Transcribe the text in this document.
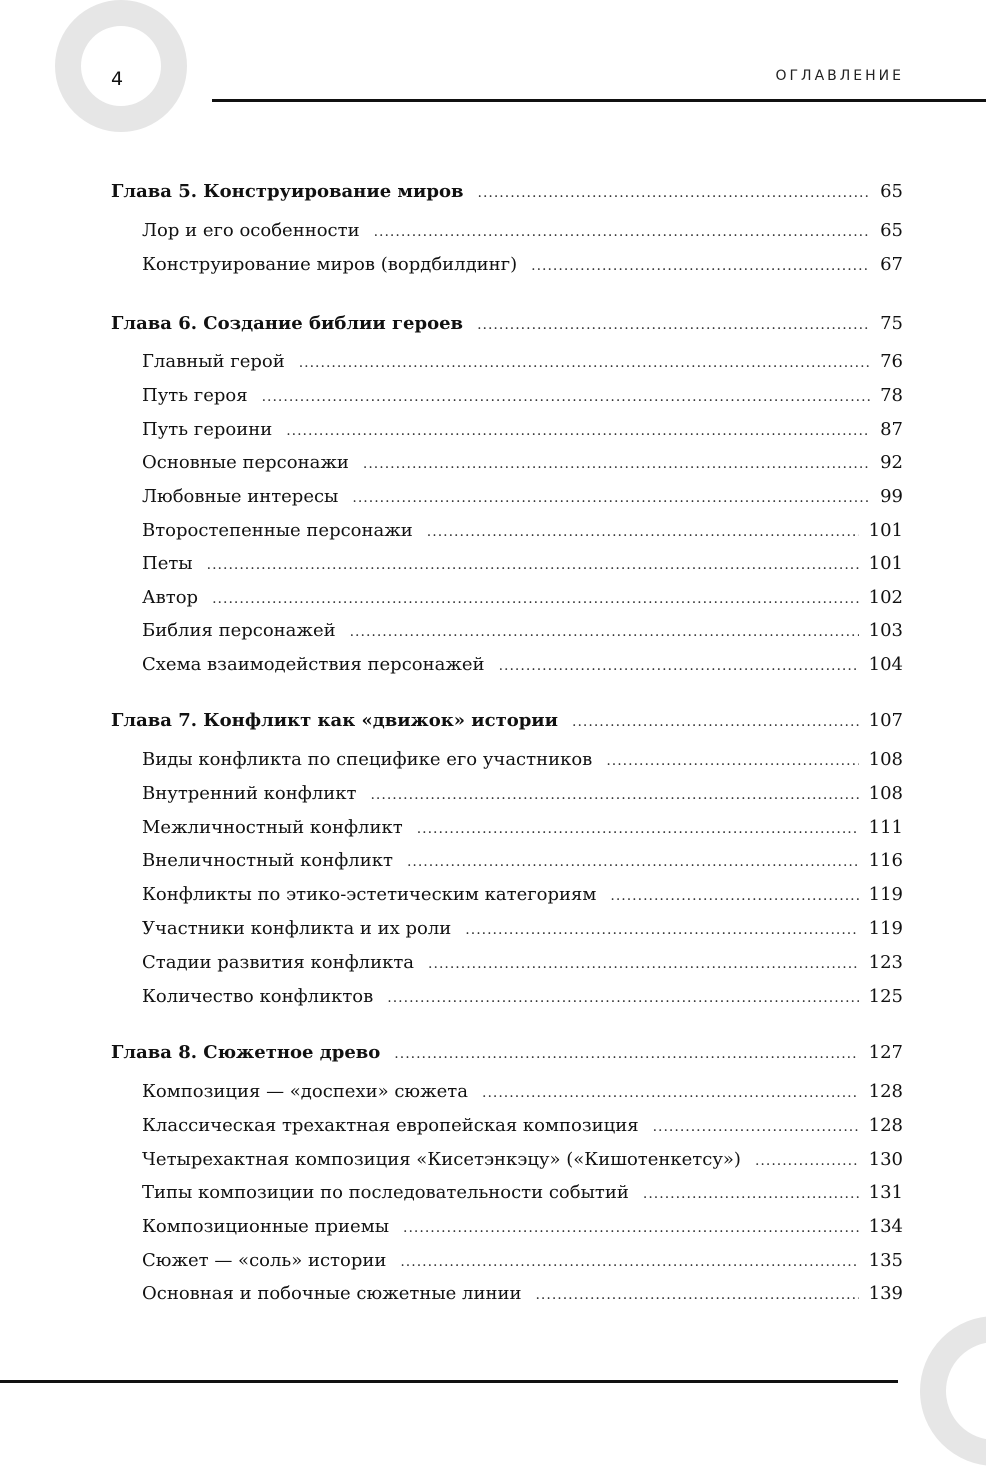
4	ОГЛАВЛЕНИЕ
Глава 5. Конструирование миров .....	65
Лор и его особенности .....	65
Конструирование миров (вордбилдинг) .....	67
Глава 6. Создание библии героев .....	75
Главный герой .....	76
Путь героя .....	78
Путь героини .....	87
Основные персонажи .....	92
Любовные интересы .....	99
Второстепенные персонажи .....	101
Петы .....	101
Автор .....	102
Библия персонажей .....	103
Схема взаимодействия персонажей .....	104
Глава 7. Конфликт как «движок» истории .....	107
Виды конфликта по специфике его участников .....	108
Внутренний конфликт .....	108
Межличностный конфликт .....	111
Внеличностный конфликт .....	116
Конфликты по этико-эстетическим категориям .....	119
Участники конфликта и их роли .....	119
Стадии развития конфликта .....	123
Количество конфликтов .....	125
Глава 8. Сюжетное древо .....	127
Композиция — «доспехи» сюжета .....	128
Классическая трехактная европейская композиция .....	128
Четырехактная композиция «Кисетэнкэцу» («Кишотенкетсу») .....	130
Типы композиции по последовательности событий .....	131
Композиционные приемы .....	134
Сюжет — «соль» истории .....	135
Основная и побочные сюжетные линии .....	139
